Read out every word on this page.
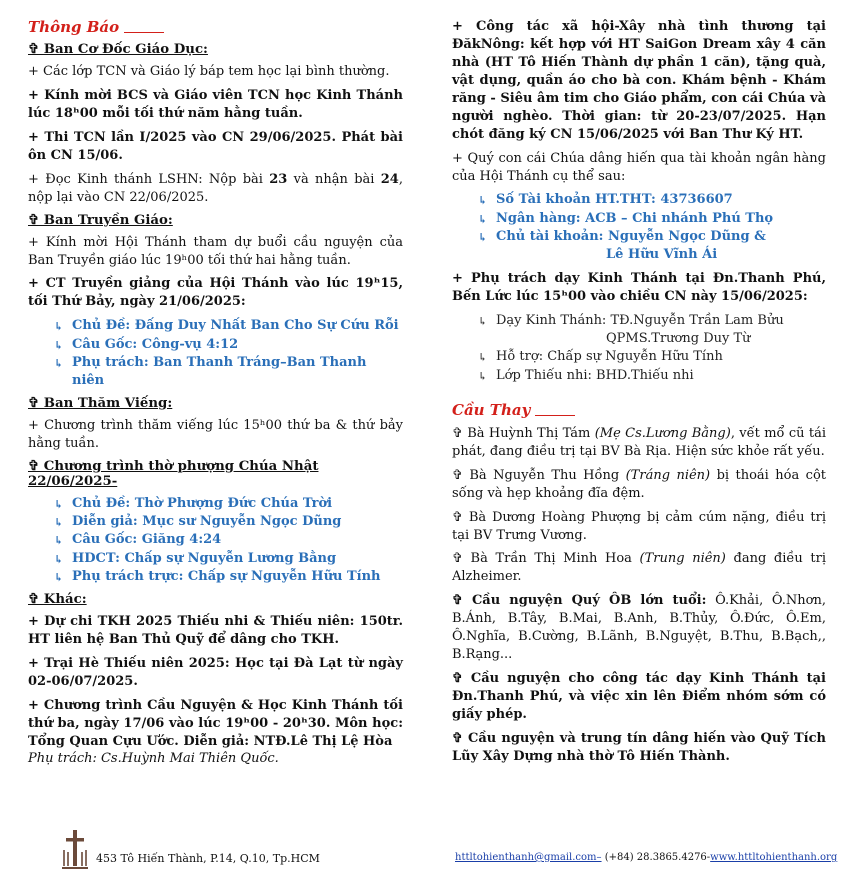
Thông Báo
✞ Ban Cơ Đốc Giáo Dục:

+ Các lớp TCN và Giáo lý báp tem học lại bình thường.

+ Kính mời BCS và Giáo viên TCN học Kinh Thánh lúc 18ʰ00 mỗi tối thứ năm hằng tuần.

+ Thi TCN lần I/2025 vào CN 29/06/2025. Phát bài ôn CN 15/06.

+ Đọc Kinh thánh LSHN: Nộp bài 23 và nhận bài 24, nộp lại vào CN 22/06/2025.

✞ Ban Truyền Giáo:

+ Kính mời Hội Thánh tham dự buổi cầu nguyện của Ban Truyền giáo lúc 19ʰ00 tối thứ hai hằng tuần.

+ CT Truyền giảng của Hội Thánh vào lúc 19ʰ15, tối Thứ Bảy, ngày 21/06/2025:

↳ Chủ Đề: Đấng Duy Nhất Ban Cho Sự Cứu Rỗi
↳ Câu Gốc: Công-vụ 4:12
↳ Phụ trách: Ban Thanh Tráng–Ban Thanh niên
✞ Ban Thăm Viếng:

+ Chương trình thăm viếng lúc 15ʰ00 thứ ba & thứ bảy hằng tuần.

✞ Chương trình thờ phượng Chúa Nhật 22/06/2025-
↳ Chủ Đề: Thờ Phượng Đức Chúa Trời
↳ Diễn giả: Mục sư Nguyễn Ngọc Dũng
↳ Câu Gốc: Giăng 4:24
↳ HDCT: Chấp sự Nguyễn Lương Bằng
↳ Phụ trách trực: Chấp sự Nguyễn Hữu Tính
✞ Khác:

+ Dự chi TKH 2025 Thiếu nhi & Thiếu niên: 150tr. HT liên hệ Ban Thủ Quỹ để dâng cho TKH.

+ Trại Hè Thiếu niên 2025: Học tại Đà Lạt từ ngày 02-06/07/2025.

+ Chương trình Cầu Nguyện & Học Kinh Thánh tối thứ ba, ngày 17/06 vào lúc 19ʰ00 - 20ʰ30. Môn học: Tổng Quan Cựu Ước. Diễn giả: NTĐ.Lê Thị Lệ Hòa

Phụ trách: Cs.Huỳnh Mai Thiên Quốc.

+ Công tác xã hội-Xây nhà tình thương tại ĐăkNông: kết hợp với HT SaiGon Dream xây 4 căn nhà (HT Tô Hiến Thành dự phần 1 căn), tặng quà, vật dụng, quần áo cho bà con. Khám bệnh - Khám răng - Siêu âm tim cho Giáo phẩm, con cái Chúa và người nghèo. Thời gian: từ 20-23/07/2025. Hạn chót đăng ký CN 15/06/2025 với Ban Thư Ký HT.

+ Quý con cái Chúa dâng hiến qua tài khoản ngân hàng của Hội Thánh cụ thể sau:

↳ Số Tài khoản HT.THT: 43736607
↳ Ngân hàng: ACB – Chi nhánh Phú Thọ
↳ Chủ tài khoản: Nguyễn Ngọc Dũng &
Lê Hữu Vĩnh Ái

+ Phụ trách dạy Kinh Thánh tại Đn.Thanh Phú, Bến Lức lúc 15ʰ00 vào chiều CN này 15/06/2025:

↳ Dạy Kinh Thánh: TĐ.Nguyễn Trần Lam Bửu
QPMS.Trương Duy Từ
↳ Hỗ trợ: Chấp sự Nguyễn Hữu Tính
↳ Lớp Thiếu nhi: BHD.Thiếu nhi
Cầu Thay

✞ Bà Huỳnh Thị Tám (Mẹ Cs.Lương Bằng), vết mổ cũ tái phát, đang điều trị tại BV Bà Rịa. Hiện sức khỏe rất yếu.

✞ Bà Nguyễn Thu Hồng (Tráng niên) bị thoái hóa cột sống và hẹp khoảng đĩa đệm.

✞ Bà Dương Hoàng Phượng bị cảm cúm nặng, điều trị tại BV Trưng Vương.

✞ Bà Trần Thị Minh Hoa (Trung niên) đang điều trị Alzheimer.

✞ Cầu nguyện Quý ÔB lớn tuổi: Ô.Khải, Ô.Nhơn, B.Ánh, B.Tây, B.Mai, B.Anh, B.Thủy, Ô.Đức, Ô.Em, Ô.Nghĩa, B.Cường, B.Lãnh, B.Nguyệt, B.Thu, B.Bạch,, B.Rạng...

✞ Cầu nguyện cho công tác dạy Kinh Thánh tại Đn.Thanh Phú, và việc xin lên Điểm nhóm sớm có giấy phép.

✞ Cầu nguyện và trung tín dâng hiến vào Quỹ Tích Lũy Xây Dựng nhà thờ Tô Hiến Thành.

453 Tô Hiến Thành, P.14, Q.10, Tp.HCM	httltohienthanh@gmail.com– (+84) 28.3865.4276-www.httltohienthanh.org
